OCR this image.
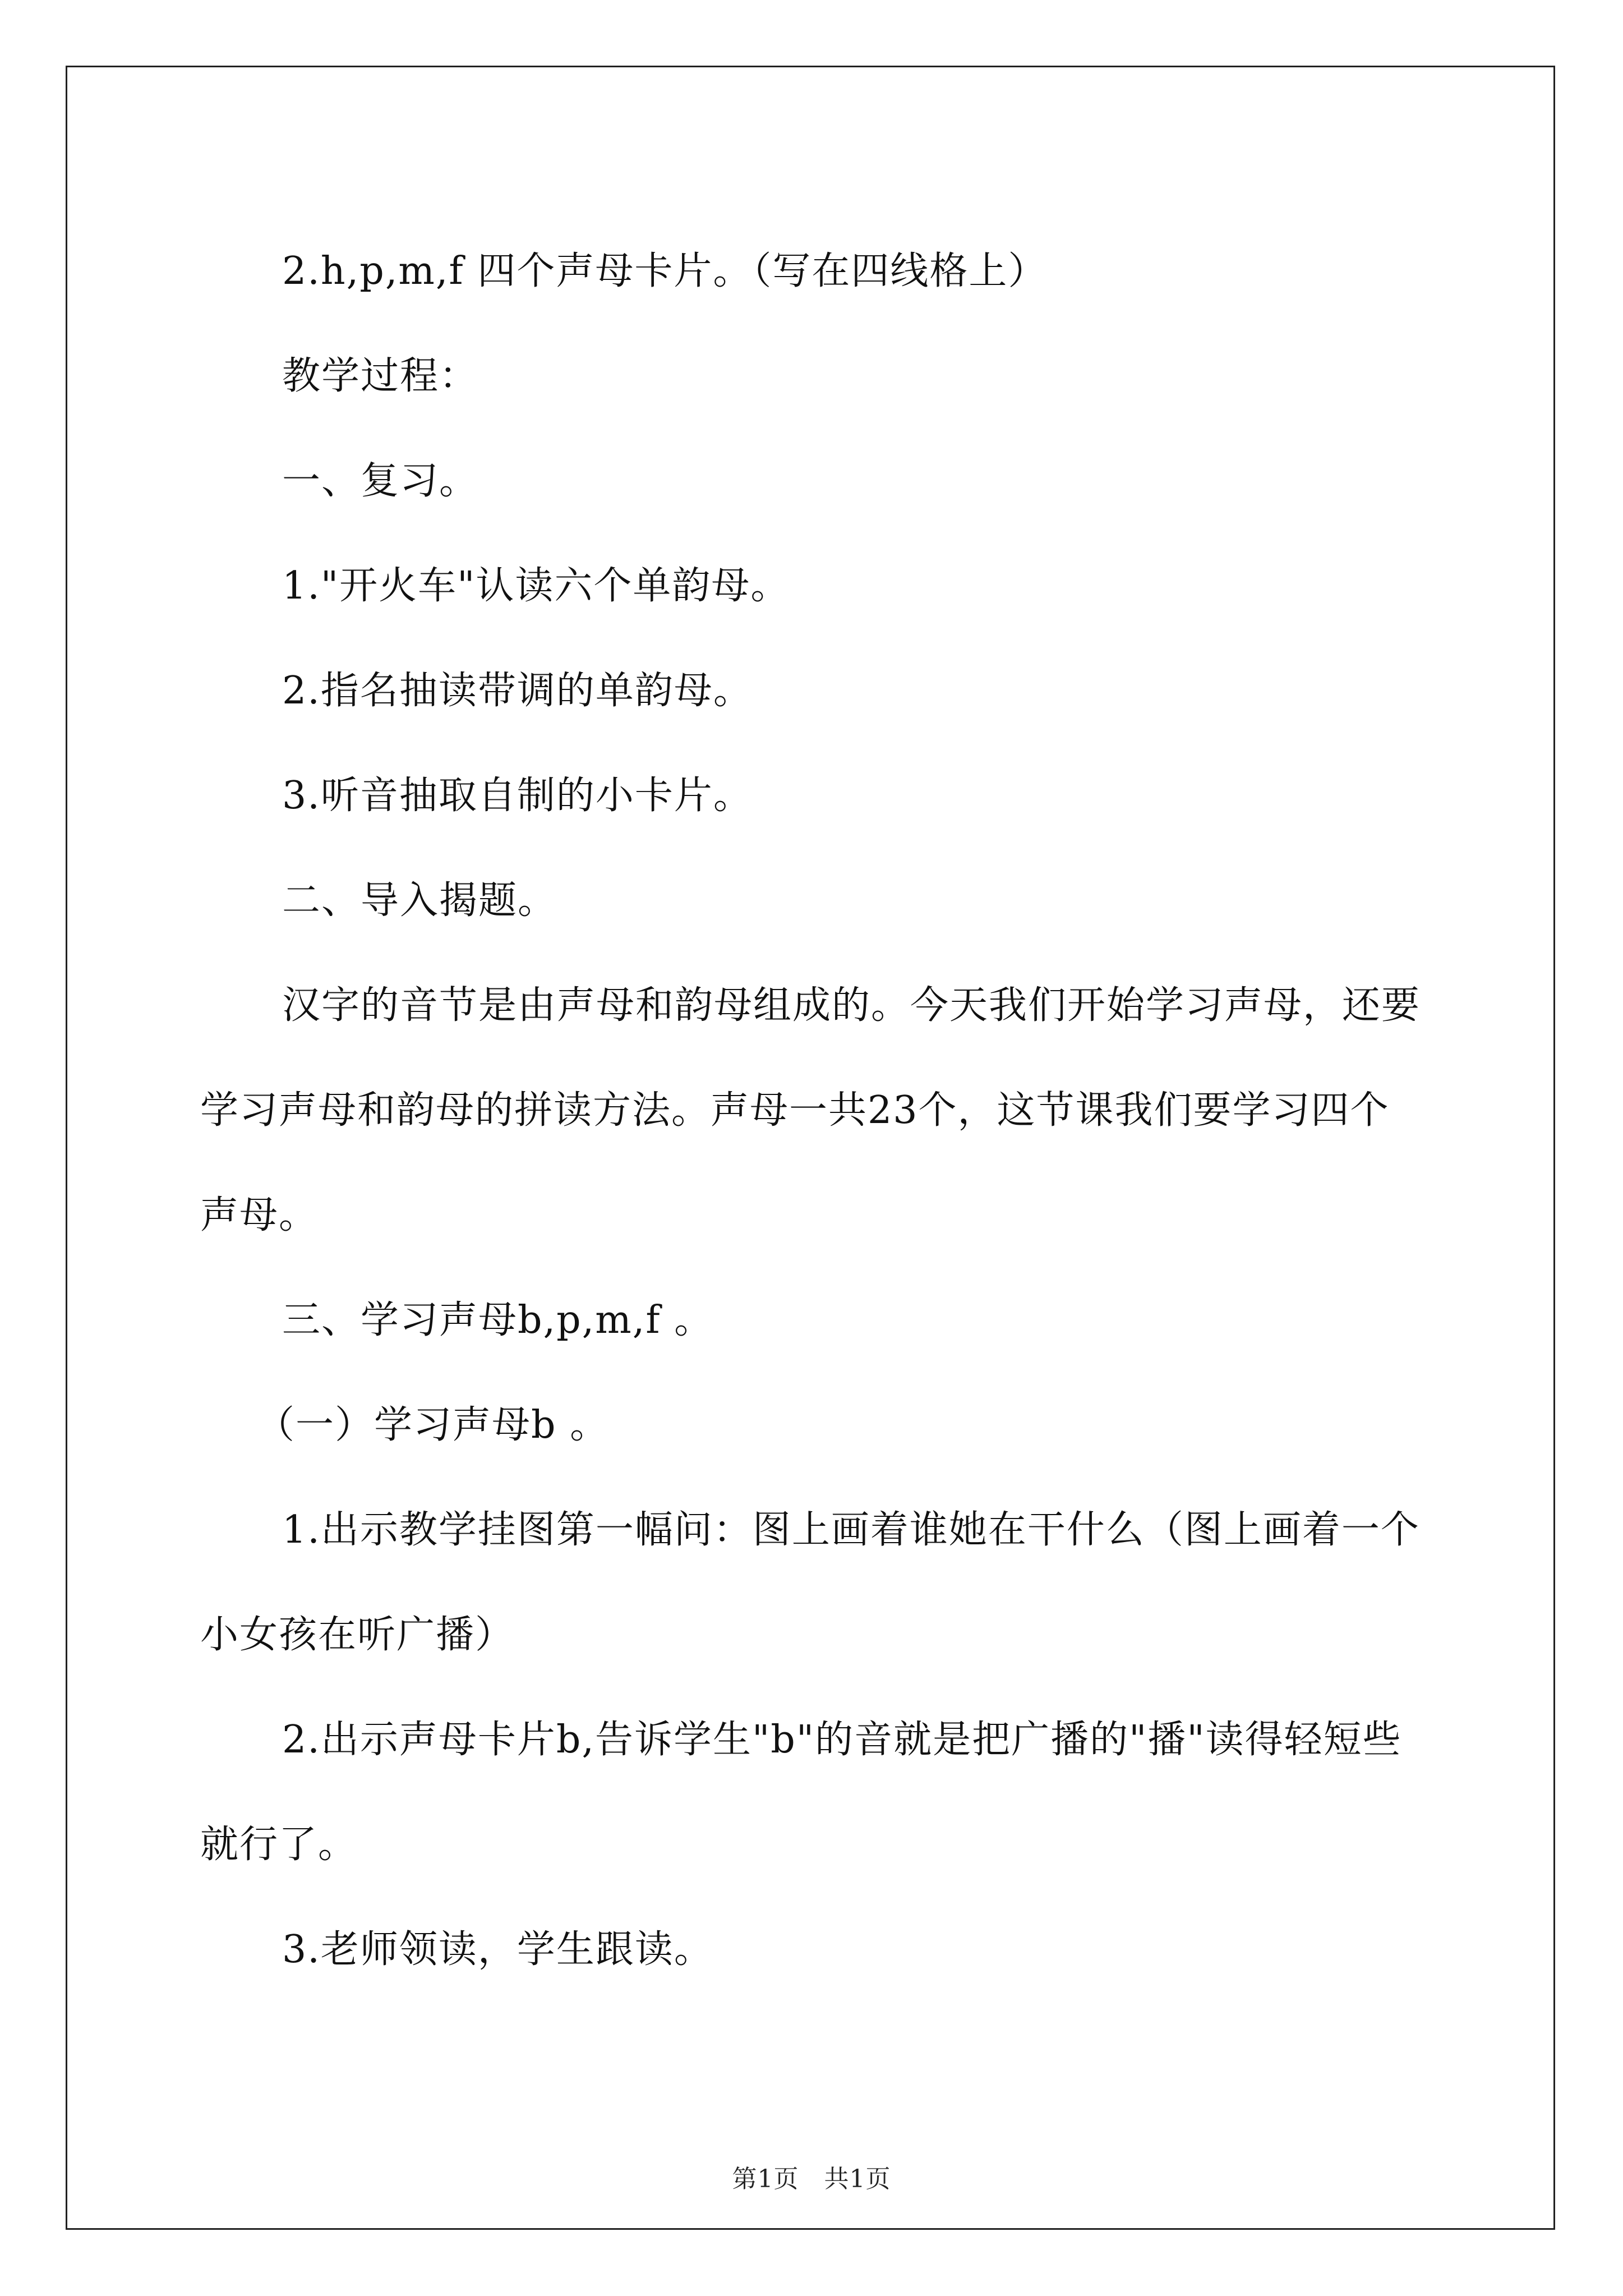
2.h,p,m,f 四个声母卡片。（写在四线格上）

教学过程：

一、复习。

1."开火车"认读六个单韵母。

2.指名抽读带调的单韵母。

3.听音抽取自制的小卡片。

二、导入揭题。

汉字的音节是由声母和韵母组成的。今天我们开始学习声母，还要学习声母和韵母的拼读方法。声母一共23个，这节课我们要学习四个声母。

三、学习声母b,p,m,f 。

（一）学习声母b 。

1.出示教学挂图第一幅问：图上画着谁她在干什么（图上画着一个小女孩在听广播）

2.出示声母卡片b,告诉学生"b"的音就是把广播的"播"读得轻短些就行了。

3.老师领读，学生跟读。

第1页　共1页
